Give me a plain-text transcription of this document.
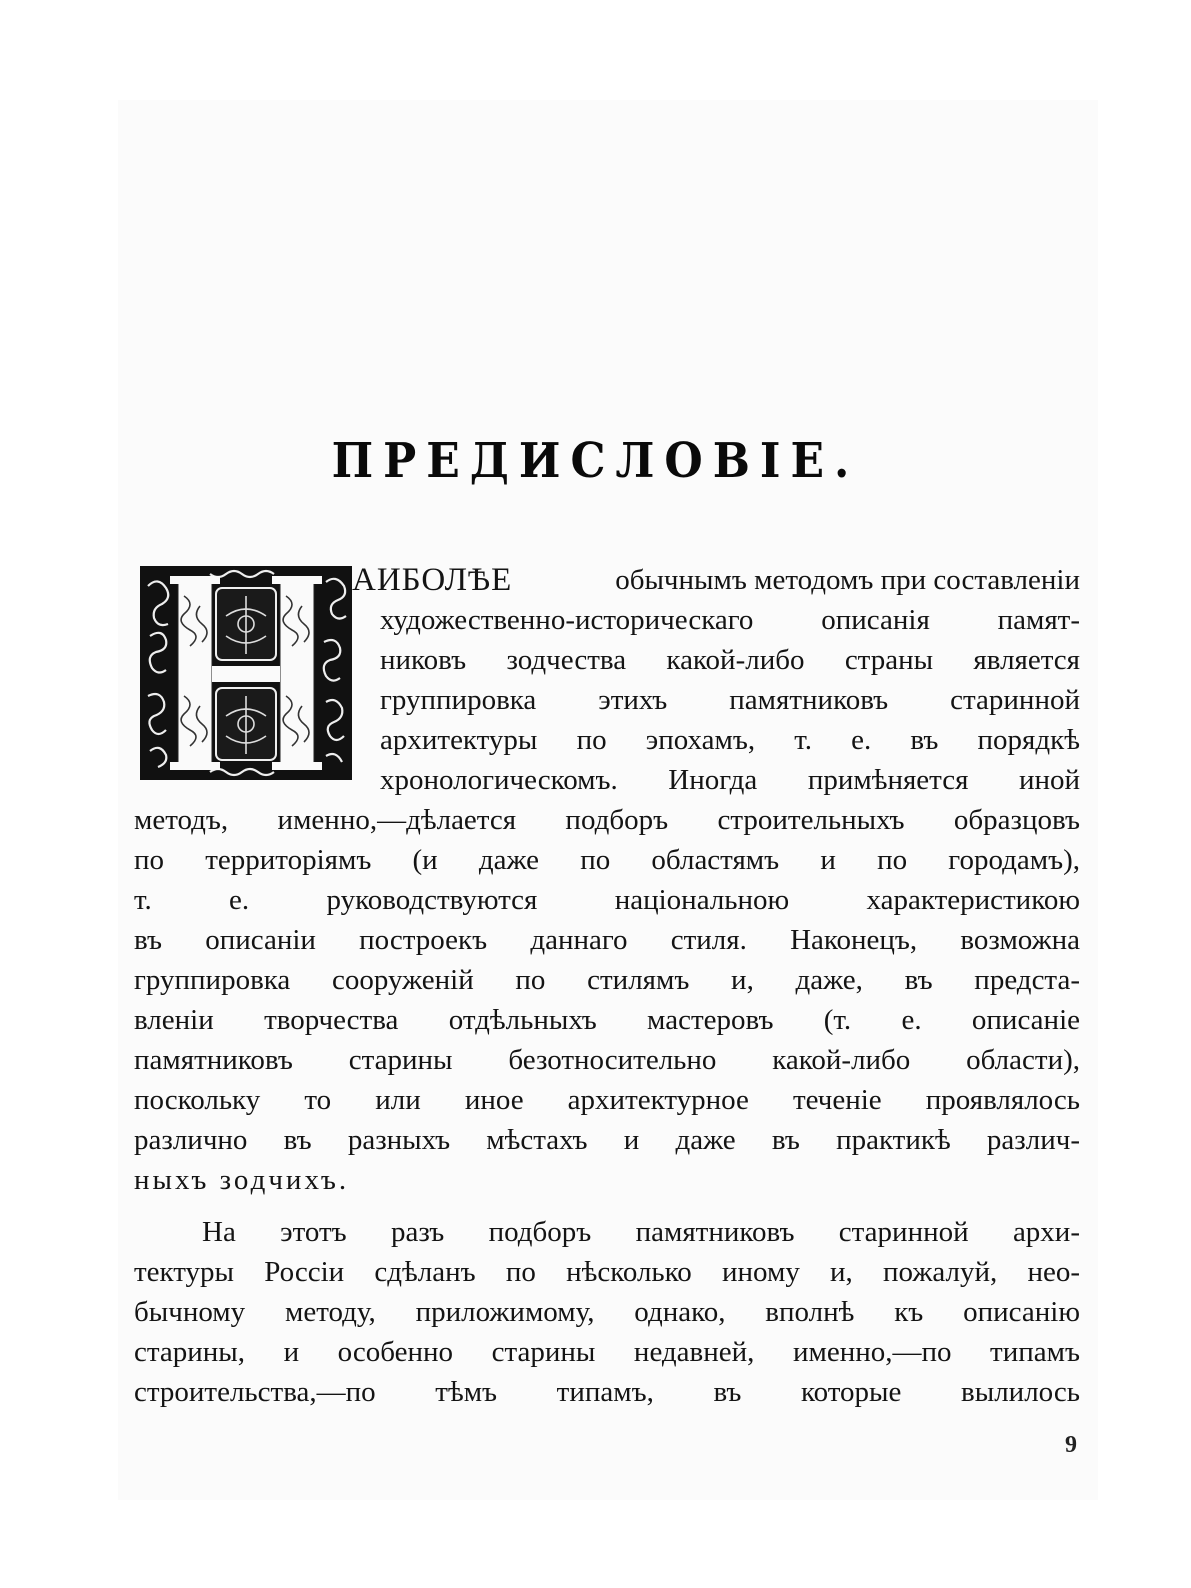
ПРЕДИСЛОВІЕ.
АИБОЛѢЕ	обычнымъ методомъ при составленіи
художественно-историческаго описанія памят-
никовъ зодчества какой-либо страны является
группировка этихъ памятниковъ старинной
архитектуры по эпохамъ, т. е. въ порядкѣ
хронологическомъ. Иногда примѣняется иной
методъ, именно,—дѣлается подборъ строительныхъ образцовъ
по территоріямъ (и даже по областямъ и по городамъ),
т. е. руководствуются національною характеристикою
въ описаніи построекъ даннаго стиля. Наконецъ, возможна
группировка сооруженій по стилямъ и, даже, въ предста-
вленіи творчества отдѣльныхъ мастеровъ (т. е. описаніе
памятниковъ старины безотносительно какой-либо области),
поскольку то или иное архитектурное теченіе проявлялось
различно въ разныхъ мѣстахъ и даже въ практикѣ различ-
ныхъ зодчихъ.
На этотъ разъ подборъ памятниковъ старинной архи-
тектуры Россіи сдѣланъ по нѣсколько иному и, пожалуй, нео-
бычному методу, приложимому, однако, вполнѣ къ описанію
старины, и особенно старины недавней, именно,—по типамъ
строительства,—по тѣмъ типамъ, въ которые вылилось
9
